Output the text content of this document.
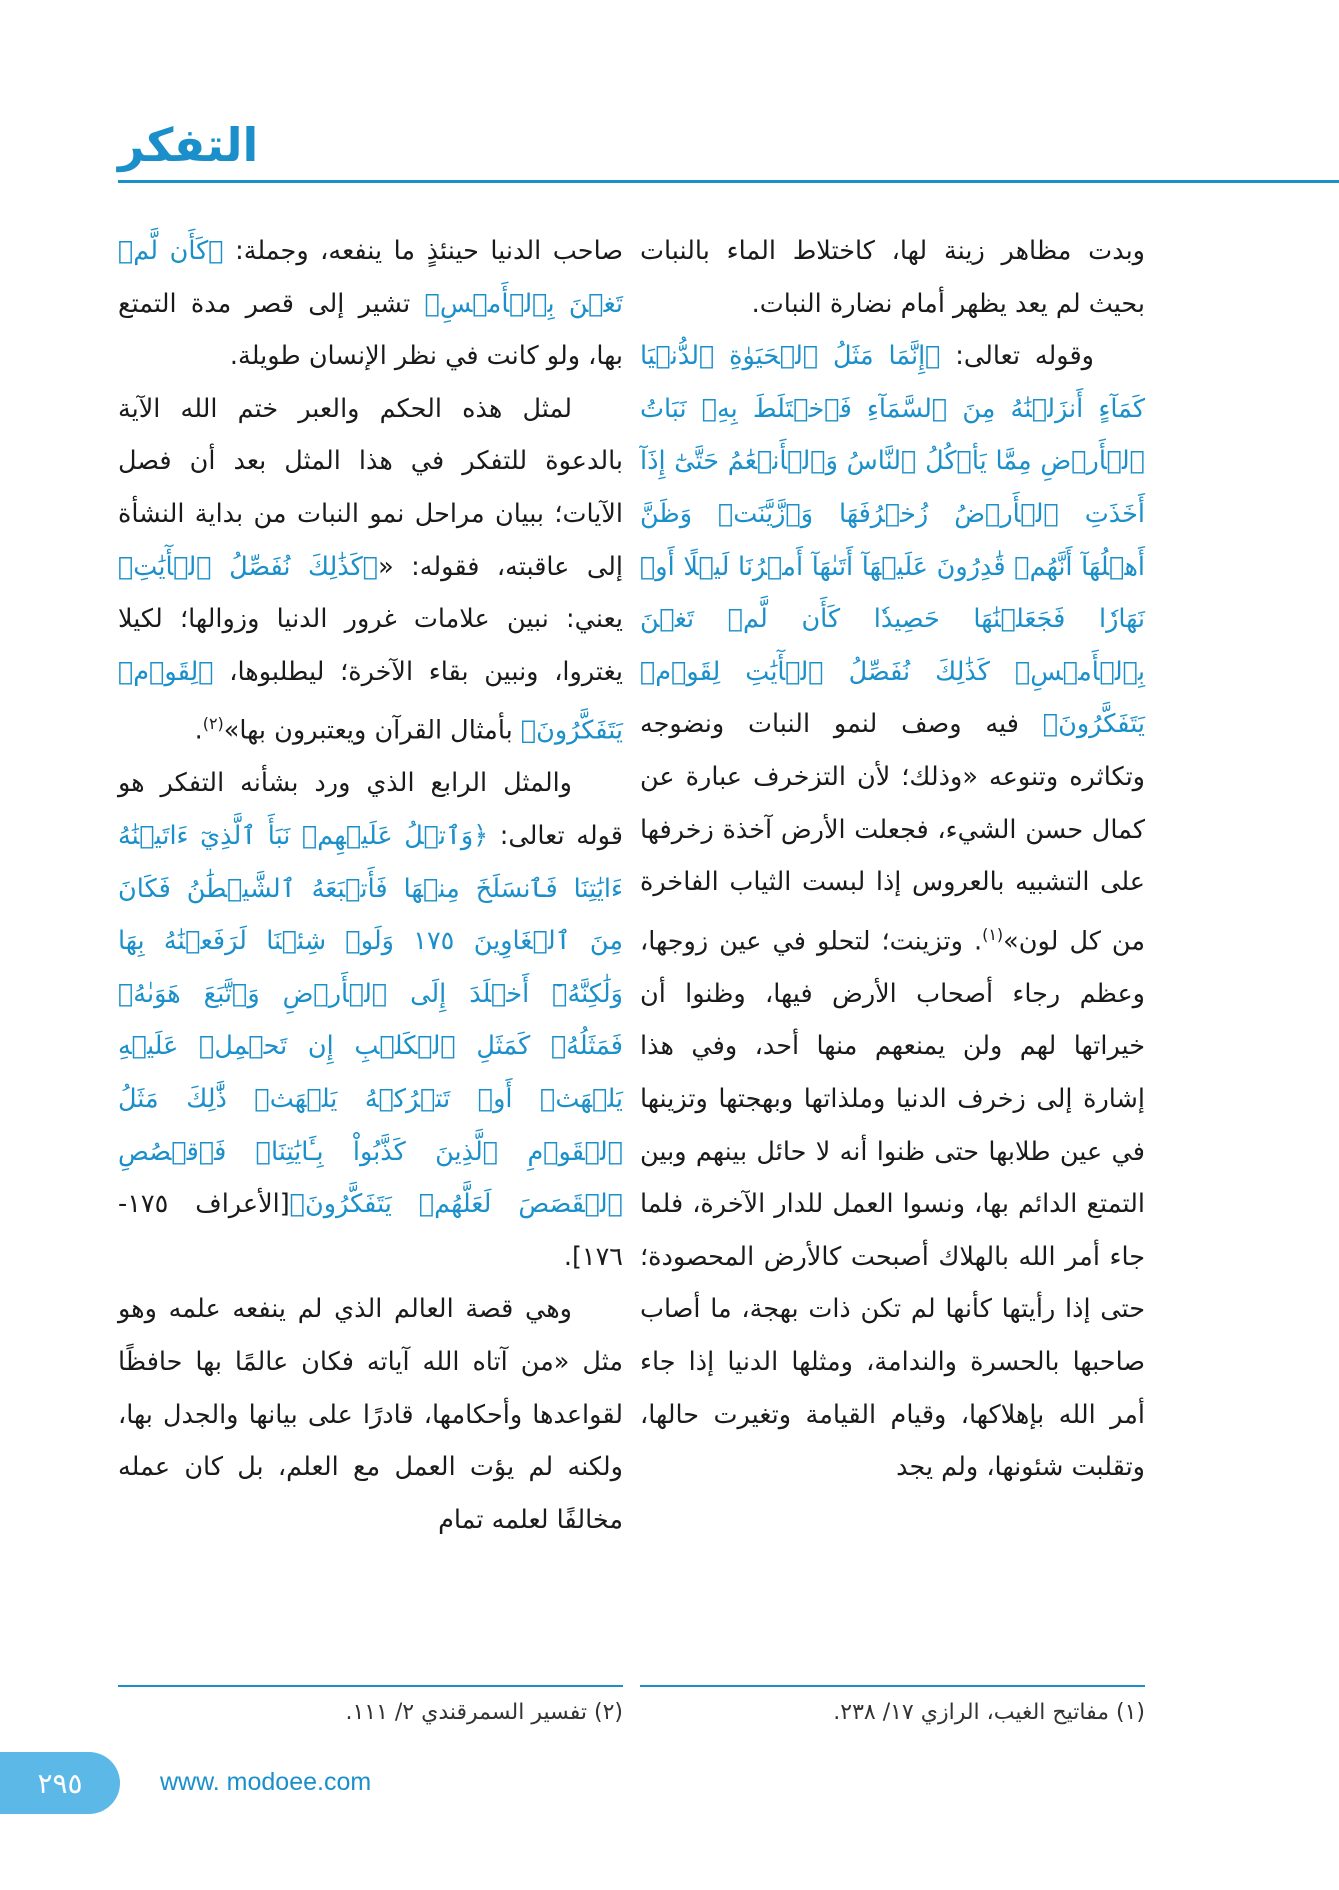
التفكر

وبدت مظاهر زينة لها، كاختلاط الماء بالنبات بحيث لم يعد يظهر أمام نضارة النبات.

وقوله تعالى: ﴿إِنَّمَا مَثَلُ ٱلۡحَيَوٰةِ ٱلدُّنۡيَا كَمَآءٍ أَنزَلۡنَٰهُ مِنَ ٱلسَّمَآءِ فَٱخۡتَلَطَ بِهِۦ نَبَاتُ ٱلۡأَرۡضِ مِمَّا يَأۡكُلُ ٱلنَّاسُ وَٱلۡأَنۡعَٰمُ حَتَّىٰٓ إِذَآ أَخَذَتِ ٱلۡأَرۡضُ زُخۡرُفَهَا وَٱزَّيَّنَتۡ وَظَنَّ أَهۡلُهَآ أَنَّهُمۡ قَٰدِرُونَ عَلَيۡهَآ أَتَىٰهَآ أَمۡرُنَا لَيۡلًا أَوۡ نَهَارٗا فَجَعَلۡنَٰهَا حَصِيدٗا كَأَن لَّمۡ تَغۡنَ بِٱلۡأَمۡسِۚ كَذَٰلِكَ نُفَصِّلُ ٱلۡأٓيَٰتِ لِقَوۡمٖ يَتَفَكَّرُونَ﴾ فيه وصف لنمو النبات ونضوجه وتكاثره وتنوعه «وذلك؛ لأن التزخرف عبارة عن كمال حسن الشيء، فجعلت الأرض آخذة زخرفها على التشبيه بالعروس إذا لبست الثياب الفاخرة من كل لون»$^{(١)}$. وتزينت؛ لتحلو في عين زوجها، وعظم رجاء أصحاب الأرض فيها، وظنوا أن خيراتها لهم ولن يمنعهم منها أحد، وفي هذا إشارة إلى زخرف الدنيا وملذاتها وبهجتها وتزينها في عين طلابها حتى ظنوا أنه لا حائل بينهم وبين التمتع الدائم بها، ونسوا العمل للدار الآخرة، فلما جاء أمر الله بالهلاك أصبحت كالأرض المحصودة؛ حتى إذا رأيتها كأنها لم تكن ذات بهجة، ما أصاب صاحبها بالحسرة والندامة، ومثلها الدنيا إذا جاء أمر الله بإهلاكها، وقيام القيامة وتغيرت حالها، وتقلبت شئونها، ولم يجد

صاحب الدنيا حينئذٍ ما ينفعه، وجملة: ﴿كَأَن لَّمۡ تَغۡنَ بِٱلۡأَمۡسِ﴾ تشير إلى قصر مدة التمتع بها، ولو كانت في نظر الإنسان طويلة.

لمثل هذه الحكم والعبر ختم الله الآية بالدعوة للتفكر في هذا المثل بعد أن فصل الآيات؛ ببيان مراحل نمو النبات من بداية النشأة إلى عاقبته، فقوله: «﴿كَذَٰلِكَ نُفَصِّلُ ٱلۡأٓيَٰتِ﴾ يعني: نبين علامات غرور الدنيا وزوالها؛ لكيلا يغتروا، ونبين بقاء الآخرة؛ ليطلبوها، ﴿لِقَوۡمٖ يَتَفَكَّرُونَ﴾ بأمثال القرآن ويعتبرون بها»$^{(٢)}$.

والمثل الرابع الذي ورد بشأنه التفكر هو قوله تعالى: ﴿وَٱتۡلُ عَلَيۡهِمۡ نَبَأَ ٱلَّذِيٓ ءَاتَيۡنَٰهُ ءَايَٰتِنَا فَٱنسَلَخَ مِنۡهَا فَأَتۡبَعَهُ ٱلشَّيۡطَٰنُ فَكَانَ مِنَ ٱلۡغَاوِينَ ١٧٥ وَلَوۡ شِئۡنَا لَرَفَعۡنَٰهُ بِهَا وَلَٰكِنَّهُۥٓ أَخۡلَدَ إِلَى ٱلۡأَرۡضِ وَٱتَّبَعَ هَوَىٰهُۚ فَمَثَلُهُۥ كَمَثَلِ ٱلۡكَلۡبِ إِن تَحۡمِلۡ عَلَيۡهِ يَلۡهَثۡ أَوۡ تَتۡرُكۡهُ يَلۡهَثۚ ذَّٰلِكَ مَثَلُ ٱلۡقَوۡمِ ٱلَّذِينَ كَذَّبُواْ بِـَٔايَٰتِنَاۚ فَٱقۡصُصِ ٱلۡقَصَصَ لَعَلَّهُمۡ يَتَفَكَّرُونَ﴾[الأعراف ١٧٥- ١٧٦].

وهي قصة العالم الذي لم ينفعه علمه وهو مثل «من آتاه الله آياته فكان عالمًا بها حافظًا لقواعدها وأحكامها، قادرًا على بيانها والجدل بها، ولكنه لم يؤت العمل مع العلم، بل كان عمله مخالفًا لعلمه تمام

(١) مفاتيح الغيب، الرازي ١٧/ ٢٣٨.
(٢) تفسير السمرقندي ٢/ ١١١.
www. modoee.com
٢٩٥
